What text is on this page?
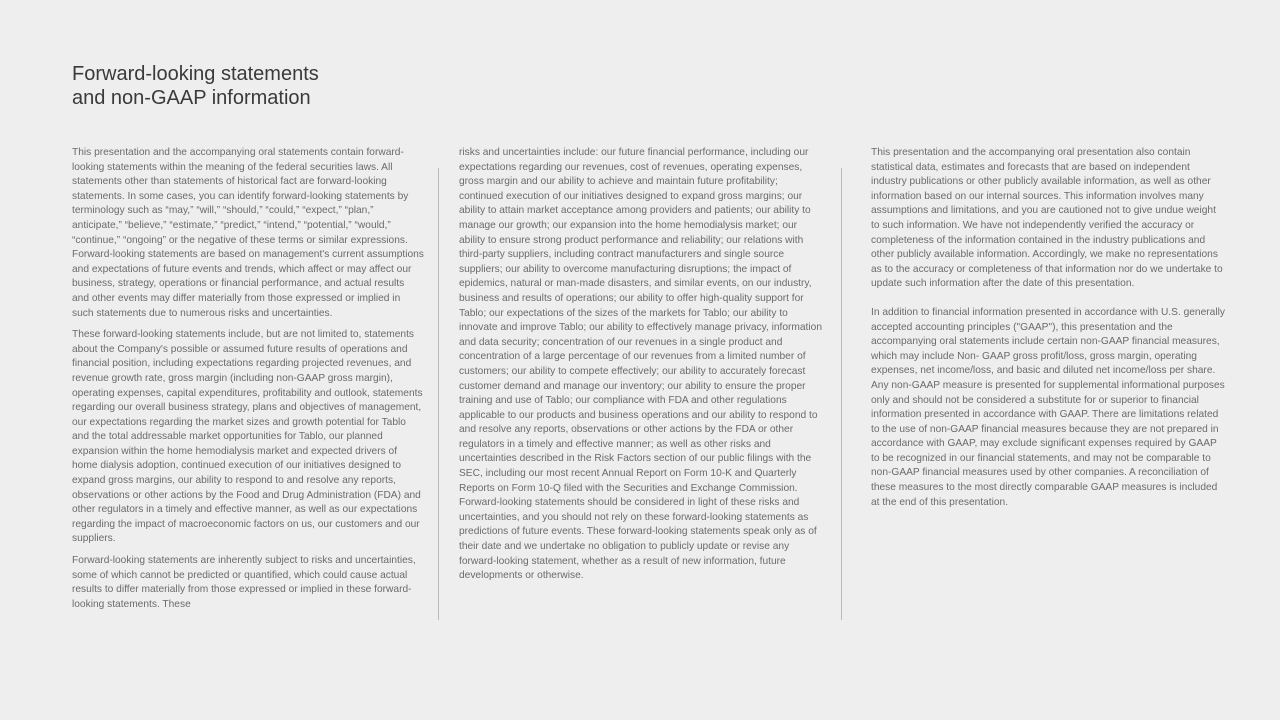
Forward-looking statements
and non-GAAP information

This presentation and the accompanying oral statements contain forward-looking statements within the meaning of the federal securities laws. All statements other than statements of historical fact are forward-looking statements. In some cases, you can identify forward-looking statements by terminology such as “may,” “will,” “should,” “could,” “expect,” “plan,” anticipate,” “believe,” “estimate,” “predict,” “intend,” “potential,” “would,” “continue,” “ongoing” or the negative of these terms or similar expressions. Forward-looking statements are based on management's current assumptions and expectations of future events and trends, which affect or may affect our business, strategy, operations or financial performance, and actual results and other events may differ materially from those expressed or implied in such statements due to numerous risks and uncertainties.

These forward-looking statements include, but are not limited to, statements about the Company's possible or assumed future results of operations and financial position, including expectations regarding projected revenues, and revenue growth rate, gross margin (including non-GAAP gross margin), operating expenses, capital expenditures, profitability and outlook, statements regarding our overall business strategy, plans and objectives of management, our expectations regarding the market sizes and growth potential for Tablo and the total addressable market opportunities for Tablo, our planned expansion within the home hemodialysis market and expected drivers of home dialysis adoption, continued execution of our initiatives designed to expand gross margins, our ability to respond to and resolve any reports, observations or other actions by the Food and Drug Administration (FDA) and other regulators in a timely and effective manner, as well as our expectations regarding the impact of macroeconomic factors on us, our customers and our suppliers.

Forward-looking statements are inherently subject to risks and uncertainties, some of which cannot be predicted or quantified, which could cause actual results to differ materially from those expressed or implied in these forward-looking statements. These

risks and uncertainties include: our future financial performance, including our expectations regarding our revenues, cost of revenues, operating expenses, gross margin and our ability to achieve and maintain future profitability; continued execution of our initiatives designed to expand gross margins; our ability to attain market acceptance among providers and patients; our ability to manage our growth; our expansion into the home hemodialysis market; our ability to ensure strong product performance and reliability; our relations with third-party suppliers, including contract manufacturers and single source suppliers; our ability to overcome manufacturing disruptions; the impact of epidemics, natural or man-made disasters, and similar events, on our industry, business and results of operations; our ability to offer high-quality support for Tablo; our expectations of the sizes of the markets for Tablo; our ability to innovate and improve Tablo; our ability to effectively manage privacy, information and data security; concentration of our revenues in a single product and concentration of a large percentage of our revenues from a limited number of customers; our ability to compete effectively; our ability to accurately forecast customer demand and manage our inventory; our ability to ensure the proper training and use of Tablo; our compliance with FDA and other regulations applicable to our products and business operations and our ability to respond to and resolve any reports, observations or other actions by the FDA or other regulators in a timely and effective manner; as well as other risks and uncertainties described in the Risk Factors section of our public filings with the SEC, including our most recent Annual Report on Form 10-K and Quarterly Reports on Form 10-Q filed with the Securities and Exchange Commission. Forward-looking statements should be considered in light of these risks and uncertainties, and you should not rely on these forward-looking statements as predictions of future events. These forward-looking statements speak only as of their date and we undertake no obligation to publicly update or revise any forward-looking statement, whether as a result of new information, future developments or otherwise.

This presentation and the accompanying oral presentation also contain statistical data, estimates and forecasts that are based on independent industry publications or other publicly available information, as well as other information based on our internal sources. This information involves many assumptions and limitations, and you are cautioned not to give undue weight to such information. We have not independently verified the accuracy or completeness of the information contained in the industry publications and other publicly available information. Accordingly, we make no representations as to the accuracy or completeness of that information nor do we undertake to update such information after the date of this presentation.

In addition to financial information presented in accordance with U.S. generally accepted accounting principles ("GAAP"), this presentation and the accompanying oral statements include certain non-GAAP financial measures, which may include Non- GAAP gross profit/loss, gross margin, operating expenses, net income/loss, and basic and diluted net income/loss per share. Any non-GAAP measure is presented for supplemental informational purposes only and should not be considered a substitute for or superior to financial information presented in accordance with GAAP. There are limitations related to the use of non-GAAP financial measures because they are not prepared in accordance with GAAP, may exclude significant expenses required by GAAP to be recognized in our financial statements, and may not be comparable to non-GAAP financial measures used by other companies. A reconciliation of these measures to the most directly comparable GAAP measures is included at the end of this presentation.
